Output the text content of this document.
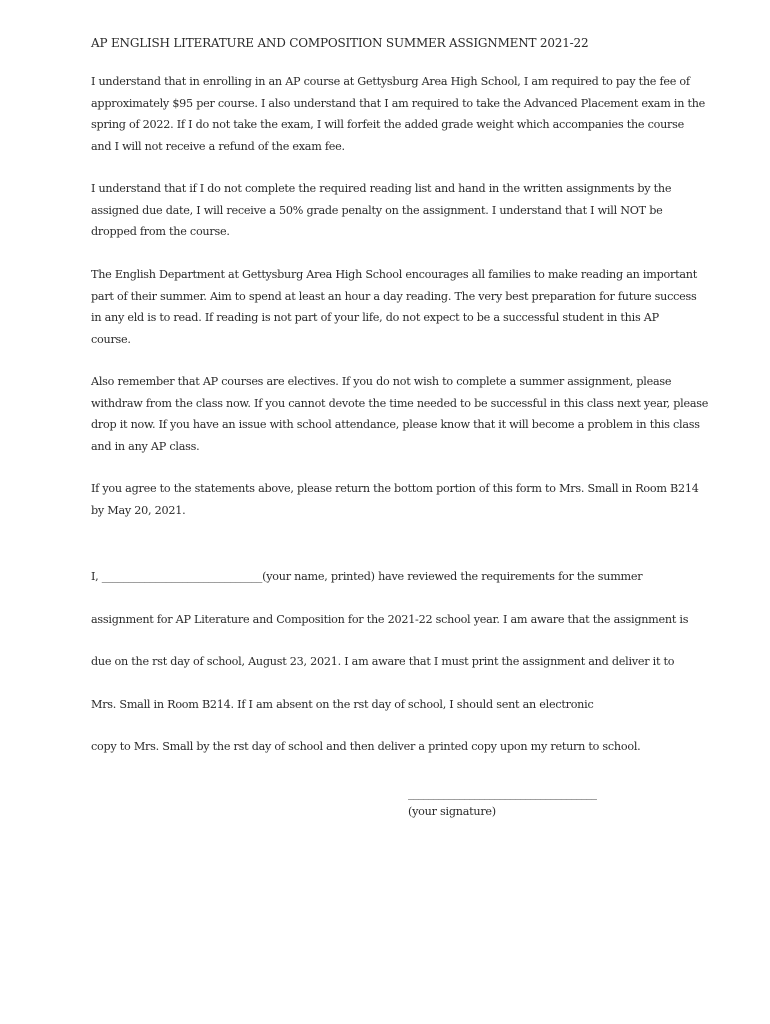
AP ENGLISH LITERATURE AND COMPOSITION SUMMER ASSIGNMENT 2021-22
I understand that in enrolling in an AP course at Gettysburg Area High School, I am required to pay the fee of
approximately $95 per course. I also understand that I am required to take the Advanced Placement exam in the
spring of 2022. If I do not take the exam, I will forfeit the added grade weight which accompanies the course
and I will not receive a refund of the exam fee.
I understand that if I do not complete the required reading list and hand in the written assignments by the
assigned due date, I will receive a 50% grade penalty on the assignment. I understand that I will NOT be
dropped from the course.
The English Department at Gettysburg Area High School encourages all families to make reading an important
part of their summer. Aim to spend at least an hour a day reading. The very best preparation for future success
in any eld is to read. If reading is not part of your life, do not expect to be a successful student in this AP
course.
Also remember that AP courses are electives. If you do not wish to complete a summer assignment, please
withdraw from the class now. If you cannot devote the time needed to be successful in this class next year, please
drop it now. If you have an issue with school attendance, please know that it will become a problem in this class
and in any AP class.
If you agree to the statements above, please return the bottom portion of this form to Mrs. Small in Room B214
by May 20, 2021.
I, ______________________________(your name, printed) have reviewed the requirements for the summer
assignment for AP Literature and Composition for the 2021-22 school year. I am aware that the assignment is
due on the rst day of school, August 23, 2021. I am aware that I must print the assignment and deliver it to
Mrs. Small in Room B214. If I am absent on the rst day of school, I should sent an electronic
copy to Mrs. Small by the rst day of school and then deliver a printed copy upon my return to school.
_____________________________________
(your signature)
